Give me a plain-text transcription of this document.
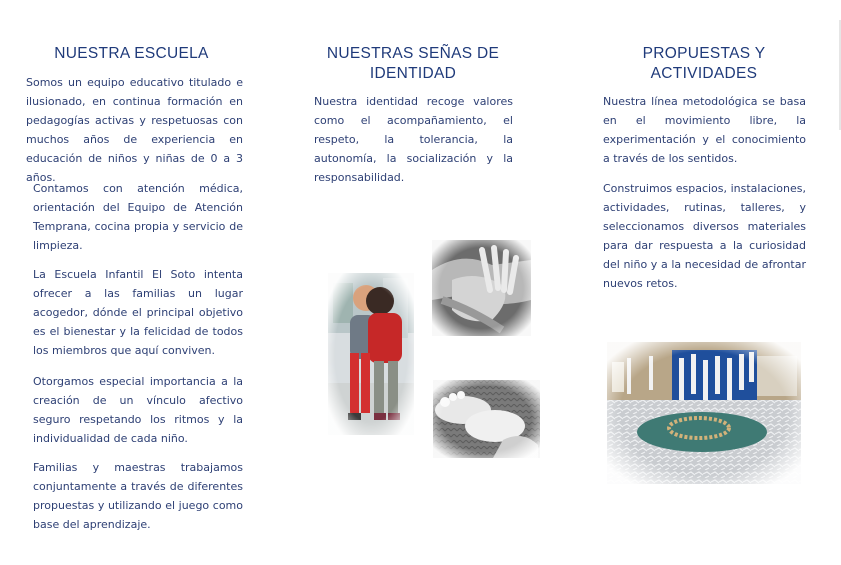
NUESTRA ESCUELA

Somos un equipo educativo titulado e ilusionado, en continua formación en pedagogías activas y respetuosas con muchos años de experiencia en educación de niños y niñas de 0 a 3 años.

Contamos con atención médica, orientación del Equipo de Atención Temprana, cocina propia y servicio de limpieza.

La Escuela Infantil El Soto intenta ofrecer a las familias un lugar acogedor, dónde el principal objetivo es el bienestar y la felicidad de todos los miembros que aquí conviven.

Otorgamos especial importancia a la creación de un vínculo afectivo seguro respetando los ritmos y la individualidad de cada niño.

Familias y maestras trabajamos conjuntamente a través de diferentes propuestas y utilizando el juego como base del aprendizaje.

NUESTRAS SEÑAS DE
IDENTIDAD

Nuestra identidad recoge valores como el acompañamiento, el respeto, la tolerancia, la autonomía, la socialización y la responsabilidad.

PROPUESTAS Y
ACTIVIDADES

Nuestra línea metodológica se basa en el movimiento libre, la experimentación y el conocimiento a través de los sentidos.

Construimos espacios, instalaciones, actividades, rutinas, talleres, y seleccionamos diversos materiales para dar respuesta a la curiosidad del niño y a la necesidad de afrontar nuevos retos.
